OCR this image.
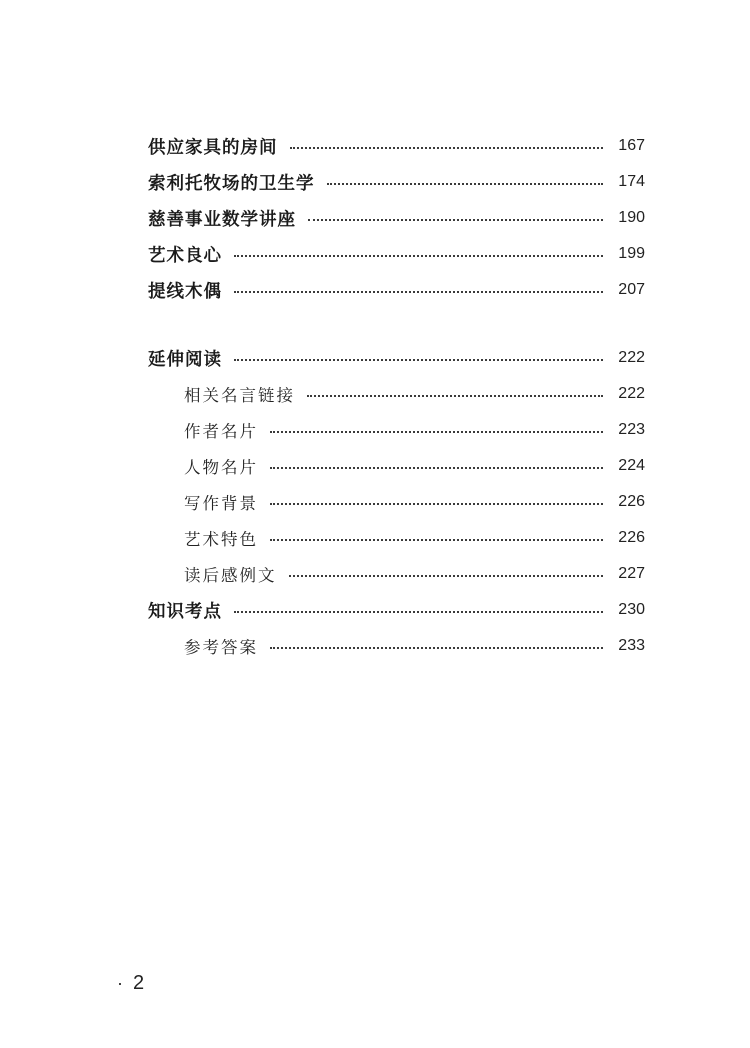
供应家具的房间	167
索利托牧场的卫生学	174
慈善事业数学讲座	190
艺术良心	199
提线木偶	207
延伸阅读	222
相关名言链接	222
作者名片	223
人物名片	224
写作背景	226
艺术特色	226
读后感例文	227
知识考点	230
参考答案	233
· 2
